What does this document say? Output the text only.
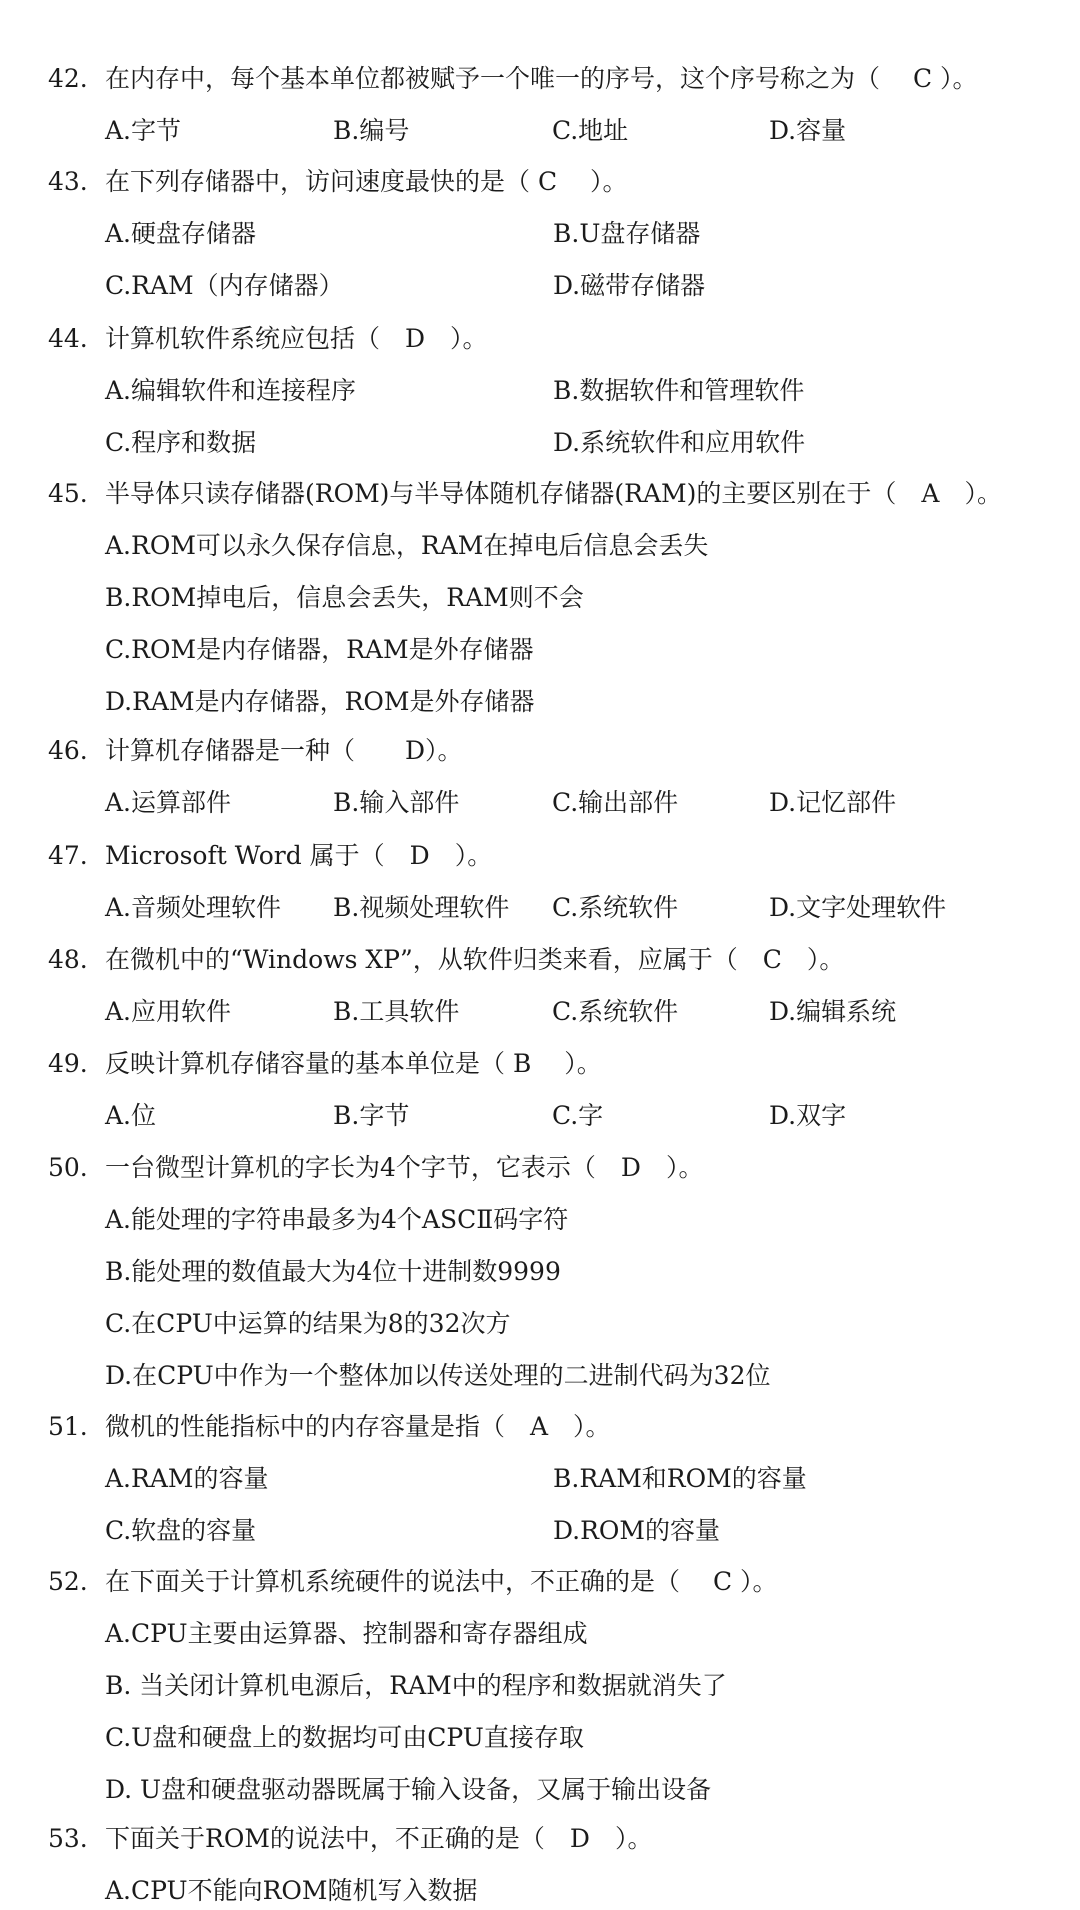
42. 在内存中，每个基本单位都被赋予一个唯一的序号，这个序号称之为（　 C ）。
A.字节	B.编号	C.地址	D.容量
43. 在下列存储器中，访问速度最快的是（ C　 ）。
A.硬盘存储器	B.U盘存储器
C.RAM（内存储器）	D.磁带存储器
44. 计算机软件系统应包括（　D　）。
A.编辑软件和连接程序	B.数据软件和管理软件
C.程序和数据	D.系统软件和应用软件
45. 半导体只读存储器(ROM)与半导体随机存储器(RAM)的主要区别在于（　A　）。
A.ROM可以永久保存信息，RAM在掉电后信息会丢失
B.ROM掉电后，信息会丢失，RAM则不会
C.ROM是内存储器，RAM是外存储器
D.RAM是内存储器，ROM是外存储器
46. 计算机存储器是一种（　　D）。
A.运算部件	B.输入部件	C.输出部件	D.记忆部件
47. Microsoft Word 属于（　D　）。
A.音频处理软件 B.视频处理软件 C.系统软件	D.文字处理软件
48. 在微机中的“Windows XP”，从软件归类来看，应属于（　C　）。
A.应用软件	B.工具软件	C.系统软件	D.编辑系统
49. 反映计算机存储容量的基本单位是（ B　 ）。
A.位	B.字节	C.字	D.双字
50. 一台微型计算机的字长为4个字节，它表示（　D　）。
A.能处理的字符串最多为4个ASCⅡ码字符
B.能处理的数值最大为4位十进制数9999
C.在CPU中运算的结果为8的32次方
D.在CPU中作为一个整体加以传送处理的二进制代码为32位
51. 微机的性能指标中的内存容量是指（　A　）。
A.RAM的容量	B.RAM和ROM的容量
C.软盘的容量	D.ROM的容量
52. 在下面关于计算机系统硬件的说法中，不正确的是（　 C ）。
A.CPU主要由运算器、控制器和寄存器组成
B. 当关闭计算机电源后，RAM中的程序和数据就消失了
C.U盘和硬盘上的数据均可由CPU直接存取
D. U盘和硬盘驱动器既属于输入设备，又属于输出设备
53. 下面关于ROM的说法中，不正确的是（　D　）。
A.CPU不能向ROM随机写入数据
